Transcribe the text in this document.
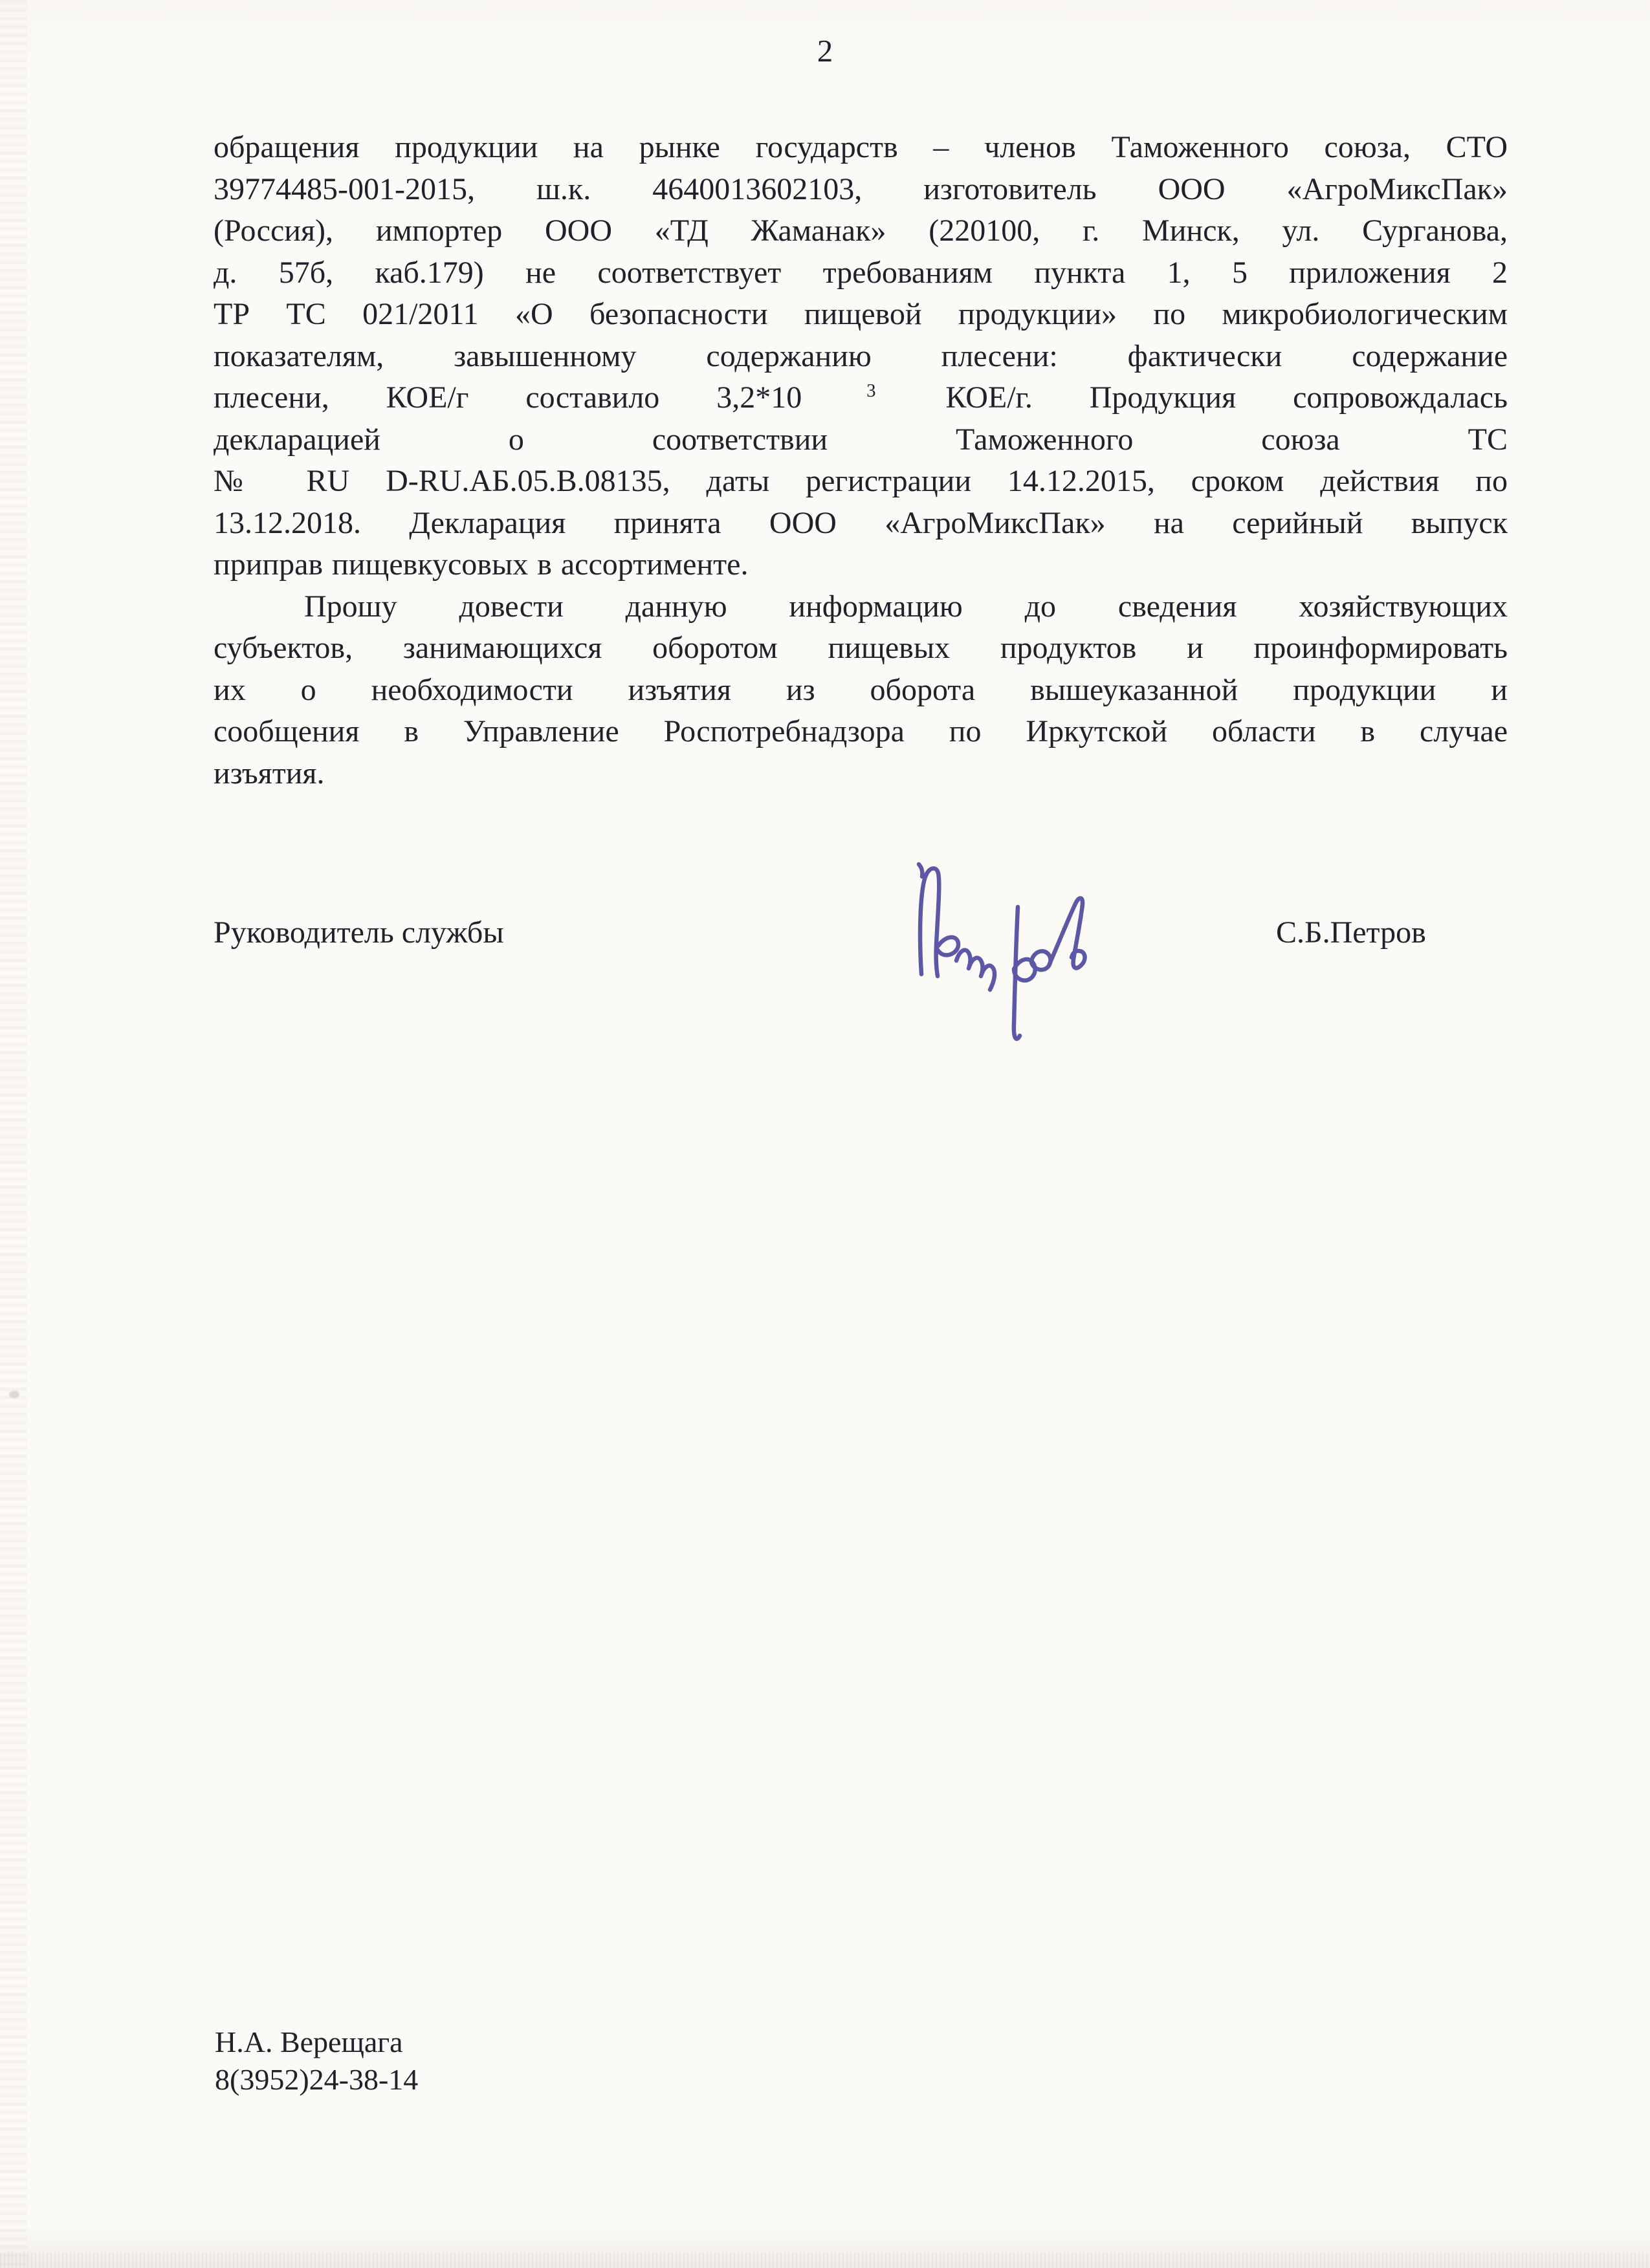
2
обращения продукции на рынке государств – членов Таможенного союза, СТО
39774485-001-2015, ш.к. 4640013602103, изготовитель ООО «АгроМиксПак»
(Россия), импортер ООО «ТД Жаманак» (220100, г. Минск, ул. Сурганова,
д. 57б, каб.179) не соответствует требованиям пункта 1, 5 приложения 2
ТР ТС 021/2011 «О безопасности пищевой продукции» по микробиологическим
показателям, завышенному содержанию плесени: фактически содержание
плесени, КОЕ/г составило 3,2*10 $^3$ КОЕ/г. Продукция сопровождалась
декларацией о соответствии Таможенного союза ТС
№ RU D-RU.АБ.05.В.08135, даты регистрации 14.12.2015, сроком действия по
13.12.2018. Декларация принята ООО «АгроМиксПак» на серийный выпуск
приправ пищевкусовых в ассортименте.
Прошу довести данную информацию до сведения хозяйствующих
субъектов, занимающихся оборотом пищевых продуктов и проинформировать
их о необходимости изъятия из оборота вышеуказанной продукции и
сообщения в Управление Роспотребнадзора по Иркутской области в случае
изъятия.
Руководитель службы	С.Б.Петров
Н.А. Верещага
8(3952)24-38-14
